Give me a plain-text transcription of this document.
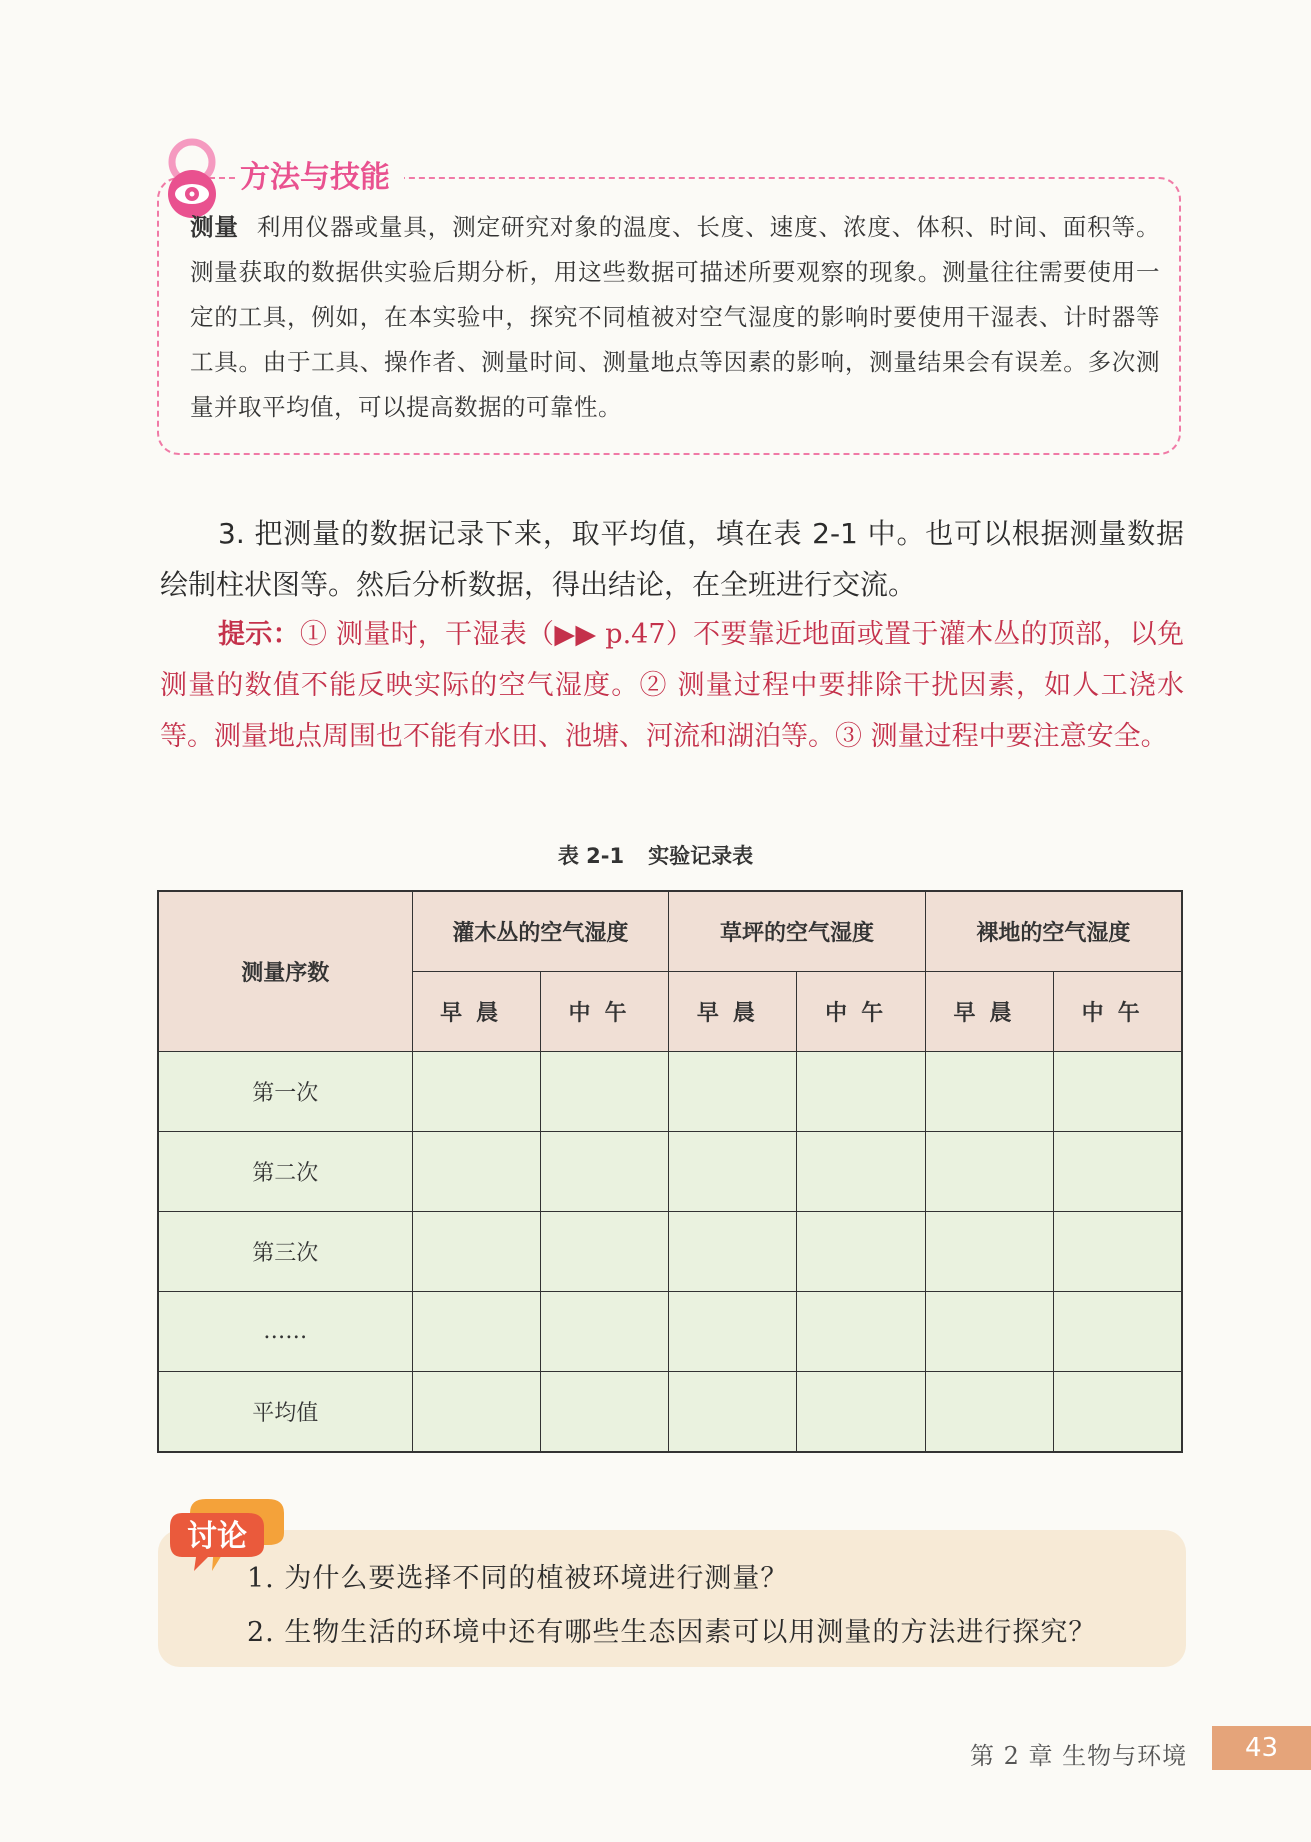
方法与技能
测量 利用仪器或量具，测定研究对象的温度、长度、速度、浓度、体积、时间、面积等。测量获取的数据供实验后期分析，用这些数据可描述所要观察的现象。测量往往需要使用一定的工具，例如，在本实验中，探究不同植被对空气湿度的影响时要使用干湿表、计时器等工具。由于工具、操作者、测量时间、测量地点等因素的影响，测量结果会有误差。多次测量并取平均值，可以提高数据的可靠性。
3. 把测量的数据记录下来，取平均值，填在表 2-1 中。也可以根据测量数据绘制柱状图等。然后分析数据，得出结论，在全班进行交流。
提示：① 测量时，干湿表（▶▶ p.47）不要靠近地面或置于灌木丛的顶部，以免测量的数值不能反映实际的空气湿度。② 测量过程中要排除干扰因素，如人工浇水等。测量地点周围也不能有水田、池塘、河流和湖泊等。③ 测量过程中要注意安全。
表 2-1 实验记录表
测量序数	灌木丛的空气湿度		草坪的空气湿度		裸地的空气湿度	
	早晨	中午	早晨	中午	早晨	中午
第一次						
第二次						
第三次						
……						
平均值						
讨论
1. 为什么要选择不同的植被环境进行测量？
2. 生物生活的环境中还有哪些生态因素可以用测量的方法进行探究？
第 2 章 生物与环境	43
